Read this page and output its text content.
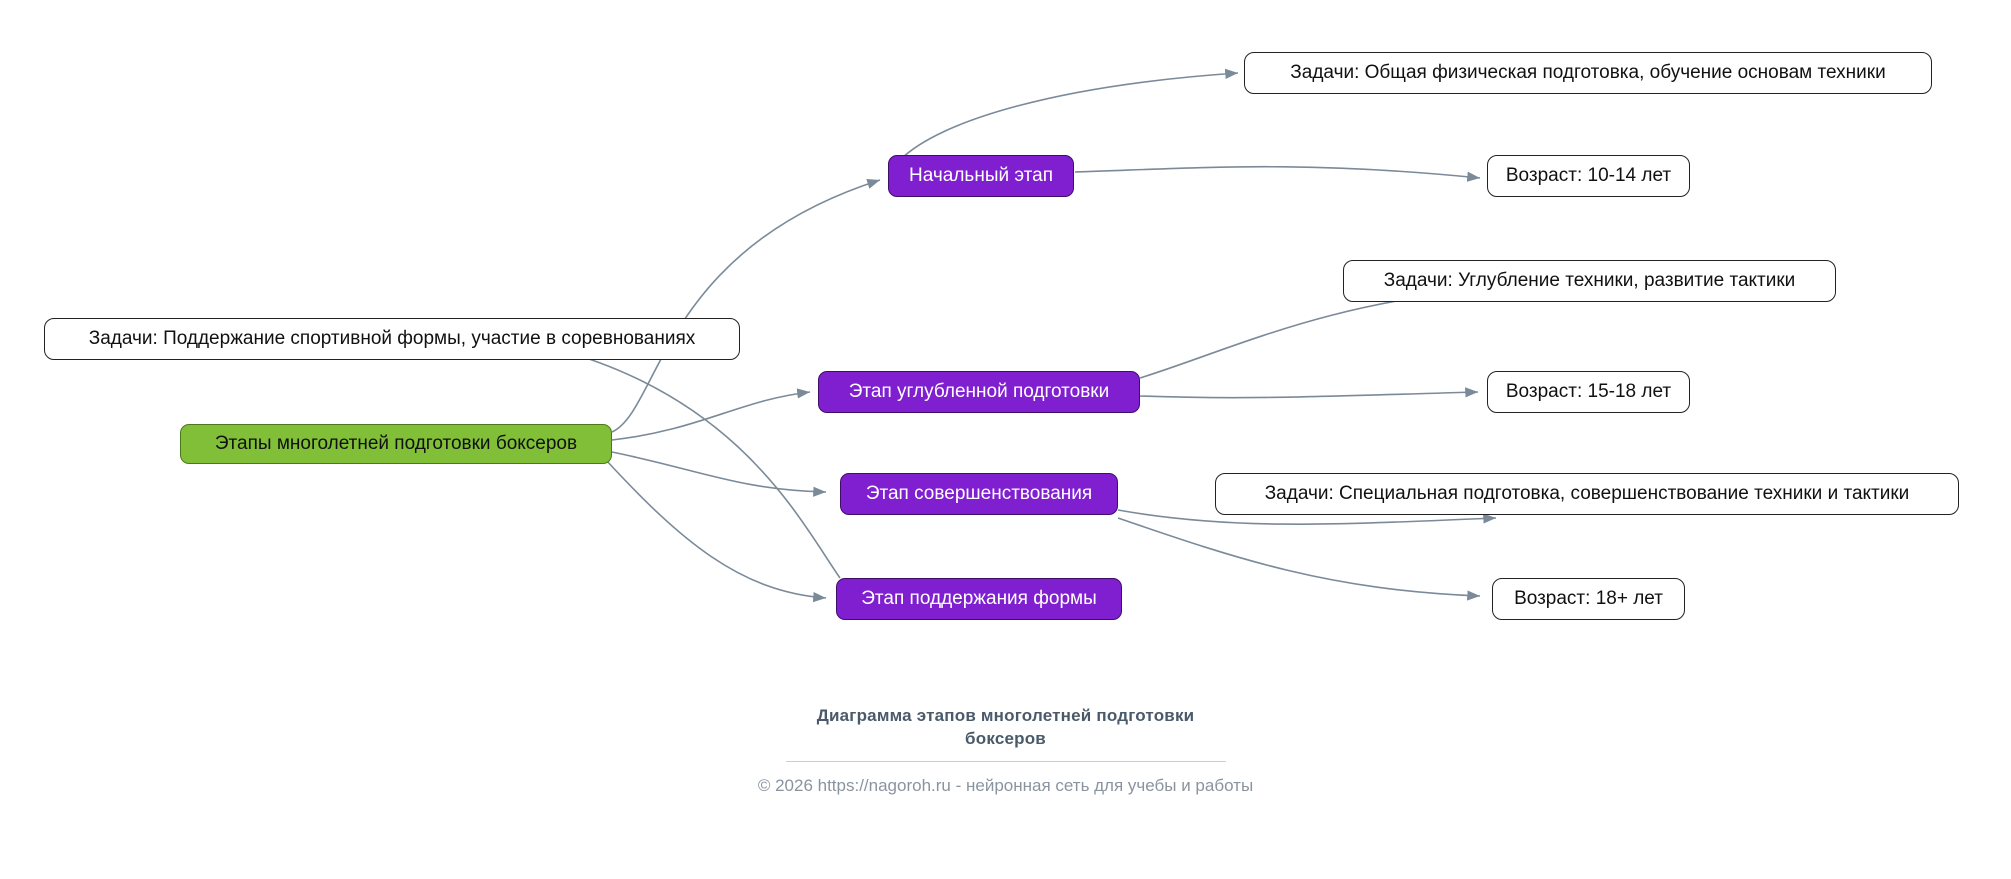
Этапы многолетней подготовки боксеров
Начальный этап
Этап углубленной подготовки
Этап совершенствования
Этап поддержания формы
Задачи: Общая физическая подготовка, обучение основам техники
Возраст: 10-14 лет
Задачи: Углубление техники, развитие тактики
Возраст: 15-18 лет
Задачи: Специальная подготовка, совершенствование техники и тактики
Возраст: 18+ лет
Задачи: Поддержание спортивной формы, участие в соревнованиях
Диаграмма этапов многолетней подготовки боксеров
© 2026 https://nagoroh.ru - нейронная сеть для учебы и работы
